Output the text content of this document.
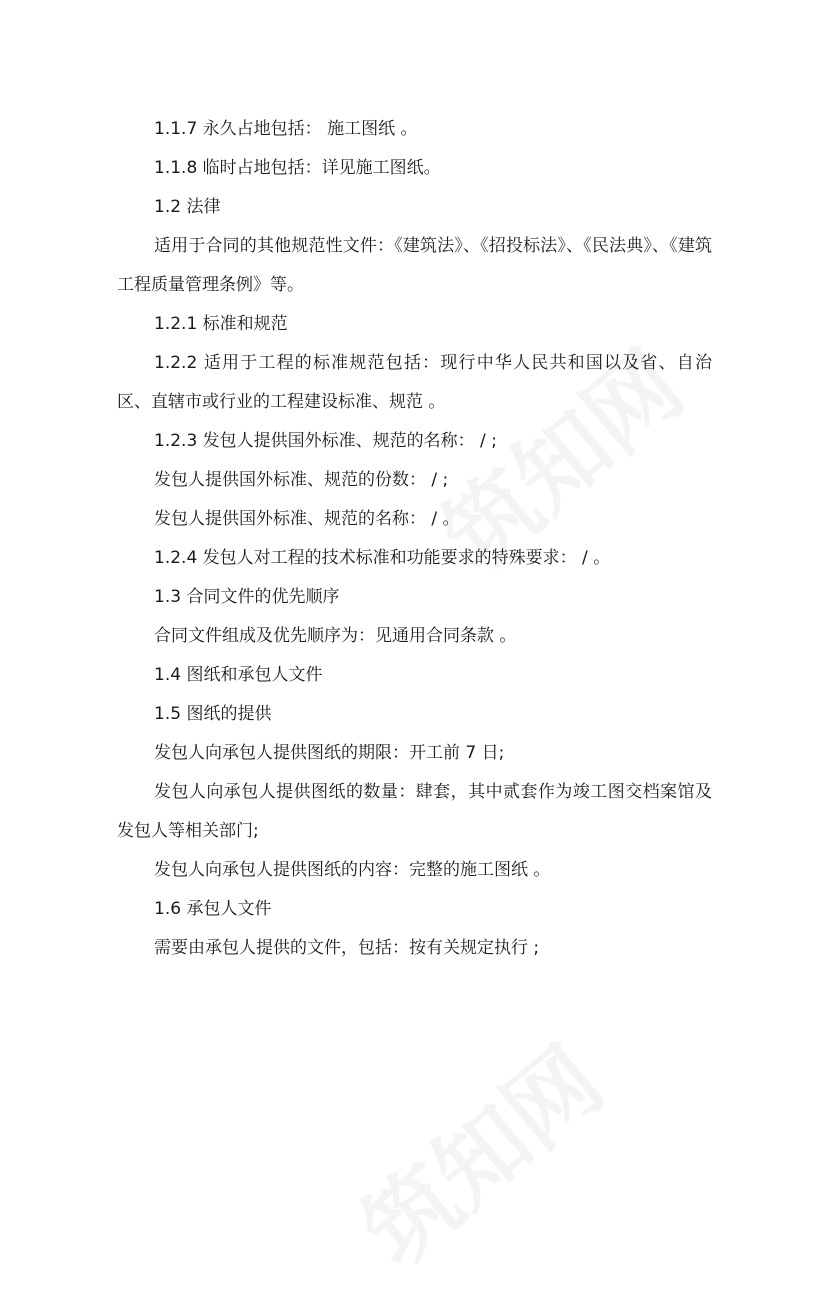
1.1.7 永久占地包括： 施工图纸 。
1.1.8 临时占地包括：详见施工图纸。
1.2 法律
适用于合同的其他规范性文件：《建筑法》、《招投标法》、《民法典》、《建筑工程质量管理条例》等。
1.2.1 标准和规范
1.2.2 适用于工程的标准规范包括：现行中华人民共和国以及省、自治区、直辖市或行业的工程建设标准、规范 。
1.2.3 发包人提供国外标准、规范的名称： / ;
发包人提供国外标准、规范的份数： / ;
发包人提供国外标准、规范的名称： / 。
1.2.4 发包人对工程的技术标准和功能要求的特殊要求： / 。
1.3 合同文件的优先顺序
合同文件组成及优先顺序为：见通用合同条款 。
1.4 图纸和承包人文件
1.5 图纸的提供
发包人向承包人提供图纸的期限：开工前 7 日;
发包人向承包人提供图纸的数量：肆套，其中贰套作为竣工图交档案馆及发包人等相关部门;
发包人向承包人提供图纸的内容：完整的施工图纸 。
1.6 承包人文件
需要由承包人提供的文件，包括：按有关规定执行 ;
